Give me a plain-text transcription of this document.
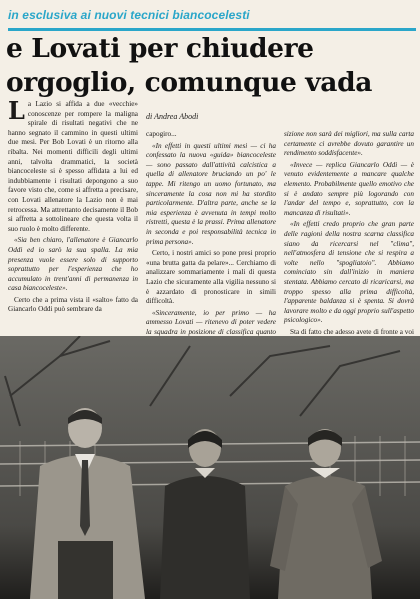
in esclusiva ai nuovi tecnici biancocelesti
e Lovati per chiudere
orgoglio, comunque vada

La Lazio si affida a due «vecchie» conoscenze per rompere la maligna spirale di risultati negativi che ne hanno segnato il cammino in questi ultimi due mesi. Per Bob Lovati è un ritorno alla ribalta. Nei momenti difficili degli ultimi anni, talvolta drammatici, la società biancoceleste si è spesso affidata a lui ed indubbiamente i risultati depongono a suo favore visto che, come si affretta a precisare, con Lovati allenatore la Lazio non è mai retrocessa. Ma attrettanto decisamente il Bob si affretta a sottolineare che questa volta il suo ruolo è molto differente.

«Sia ben chiaro, l'allenatore è Giancarlo Oddi ed io sarò la sua spalla. La mia presenza vuole essere solo di supporto soprattutto per l'esperienza che ho accumulato in trent'anni di permanenza in casa biancoceleste».

Certo che a prima vista il «salto» fatto da Giancarlo Oddi può sembrare da

di Andrea Abodi

capogiro...

«In effetti in questi ultimi mesi — ci ha confessato la nuova «guida» biancoceleste — sono passato dall'attività calcistica a quella di allenatore bruciando un po' le tappe. Mi ritengo un uomo fortunato, ma sinceramente la cosa non mi ha stordito particolarmente. D'altra parte, anche se la mia esperienza è avvenuta in tempi molto ristretti, questa è la prassi. Prima allenatore in seconda e poi responsabilità tecnica in prima persona».

Certo, i nostri amici so pone presi proprio «una brutta gatta da pelare»... Cerchiamo di analizzare sommariamente i mali di questa Lazio che sicuramente alla vigilia nessuno si è azzardato di pronosticare in simili difficoltà.

«Sinceramente, io per primo — ha ammesso Lovati — ritenevo di poter vedere la squadra in posizione di classifica quanto

sizione non sarà dei migliori, ma sulla carta certamente ci avrebbe dovuto garantire un rendimento soddisfacente».

«Invece — replica Giancarlo Oddi — è venuto evidentemente a mancare qualche elemento. Probabilmente quello emotivo che si è andato sempre più logorando con l'andar del tempo e, soprattutto, con la mancanza di risultati».

«In effetti credo proprio che gran parte delle ragioni della nostra scarna classifica siano da ricercarsi nel "clima", nell'atmosfera di tensione che si respira a volte nello "spogliatoio". Abbiamo cominciato sin dall'inizio in maniera stentata. Abbiamo cercato di ricaricarsi, ma troppo spesso alla prima difficoltà, l'apparente baldanza si è spenta. Si dovrà lavorare molto e da oggi proprio sull'aspetto psicologico».

Sta di fatto che adesso avete di fronte a voi
